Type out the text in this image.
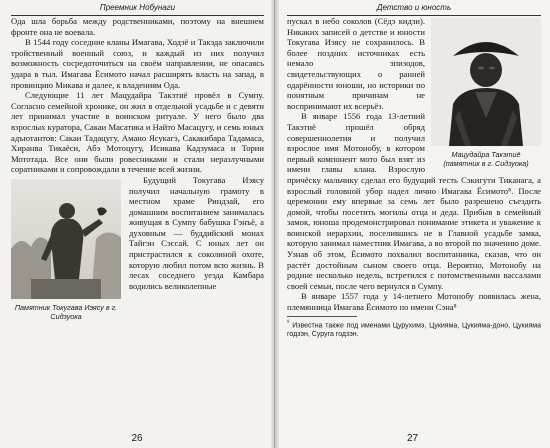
Преемник Нобунаги

Ода шла борьба между родственниками, поэтому на внешнем фронте она не воевала.

В 1544 году соседние кланы Имагава, Ходзё и Такэда заключили тройственный военный союз, и каждый из них получил возможность сосредоточиться на своём направлении, не опасаясь удара в тыл. Имагава Ёсимото начал расширять власть на запад, в провинцию Микава и далее, к владениям Ода.

Следующие 11 лет Мацудайра Такэтиё провёл в Сумпу. Согласно семейной хронике, он жил в отдельной усадьбе и с девяти лет принимал участие в воинском ритуале. У него было два взрослых куратора, Сакаи Масатика и Найто Масацугу, и семь юных адъютантов: Сакаи Тадацугу, Амано Ясукагэ, Сакакибара Тадамаса, Хиранва Тикаёси, Абэ Мотоцугу, Исикава Кадзумаса и Тории Мототада. Все они были ровесниками и стали неразлучными соратниками и сопровождали в течение всей жизни.

Памятник Токугава Иэясу в г. Сидзуока

Будущий Токугава Иэясу получил начальную грамоту в местном храме Риндзай, его домашним воспитанием занималась живущая в Сумпу бабушка Гэнъё, а духовным — буддийский монах Тайгэн Сэссай. С юных лет он пристрастился к соколиной охоте, которую любил потом всю жизнь. В лесах соседнего уезда Камбара водились великолепные

26
Детство и юность
Мацудайра Такэтиё
(памятник в г. Сидзуока)

пускал в небо соколов (Сёдэ кидзи). Никаких записей о детстве и юности Токугава Иэясу не сохранилось. В более поздних источниках есть немало эпизодов, свидетельствующих о ранней одарённости юноши, но историки по понятным причинам не воспринимают их всерьёз.

В январе 1556 года 13-летний Такэтиё прошёл обряд совершеннолетия и получил взрослое имя Мотонобу, в котором первый компонент мото был взят из имени главы клана. Взрослую причёску мальчику сделал его будущий тесть Сэкигути Тиканага, а взрослый головной убор надел лично Имагава Ёсимото⁸. После церемонии ему впервые за семь лет было разрешено съездить домой, чтобы посетить могилы отца и деда. Прибыв в семейный замок, юноша продемонстрировал понимание этикета и уважение к воинской иерархии, поселившись не в Главной усадьбе замка, которую занимал наместник Имагава, а во второй по значению доме. Узнав об этом, Ёсимото похвалил воспитанника, сказав, что он растёт достойным сыном своего отца. Вероятно, Мотонобу на родине несколько недель, встретился с потомственными вассалами своей семьи, после чего вернулся в Сумпу.

В январе 1557 года у 14-летнего Мотонобу появилась жена, племянница Имагава Ёсимото по имени Сэна⁸

$^{^8}$ Известна также под именами Цурухимэ, Цукияма, Цукияма-доно, Цукияма годзэн, Суруга годзэн.
27
